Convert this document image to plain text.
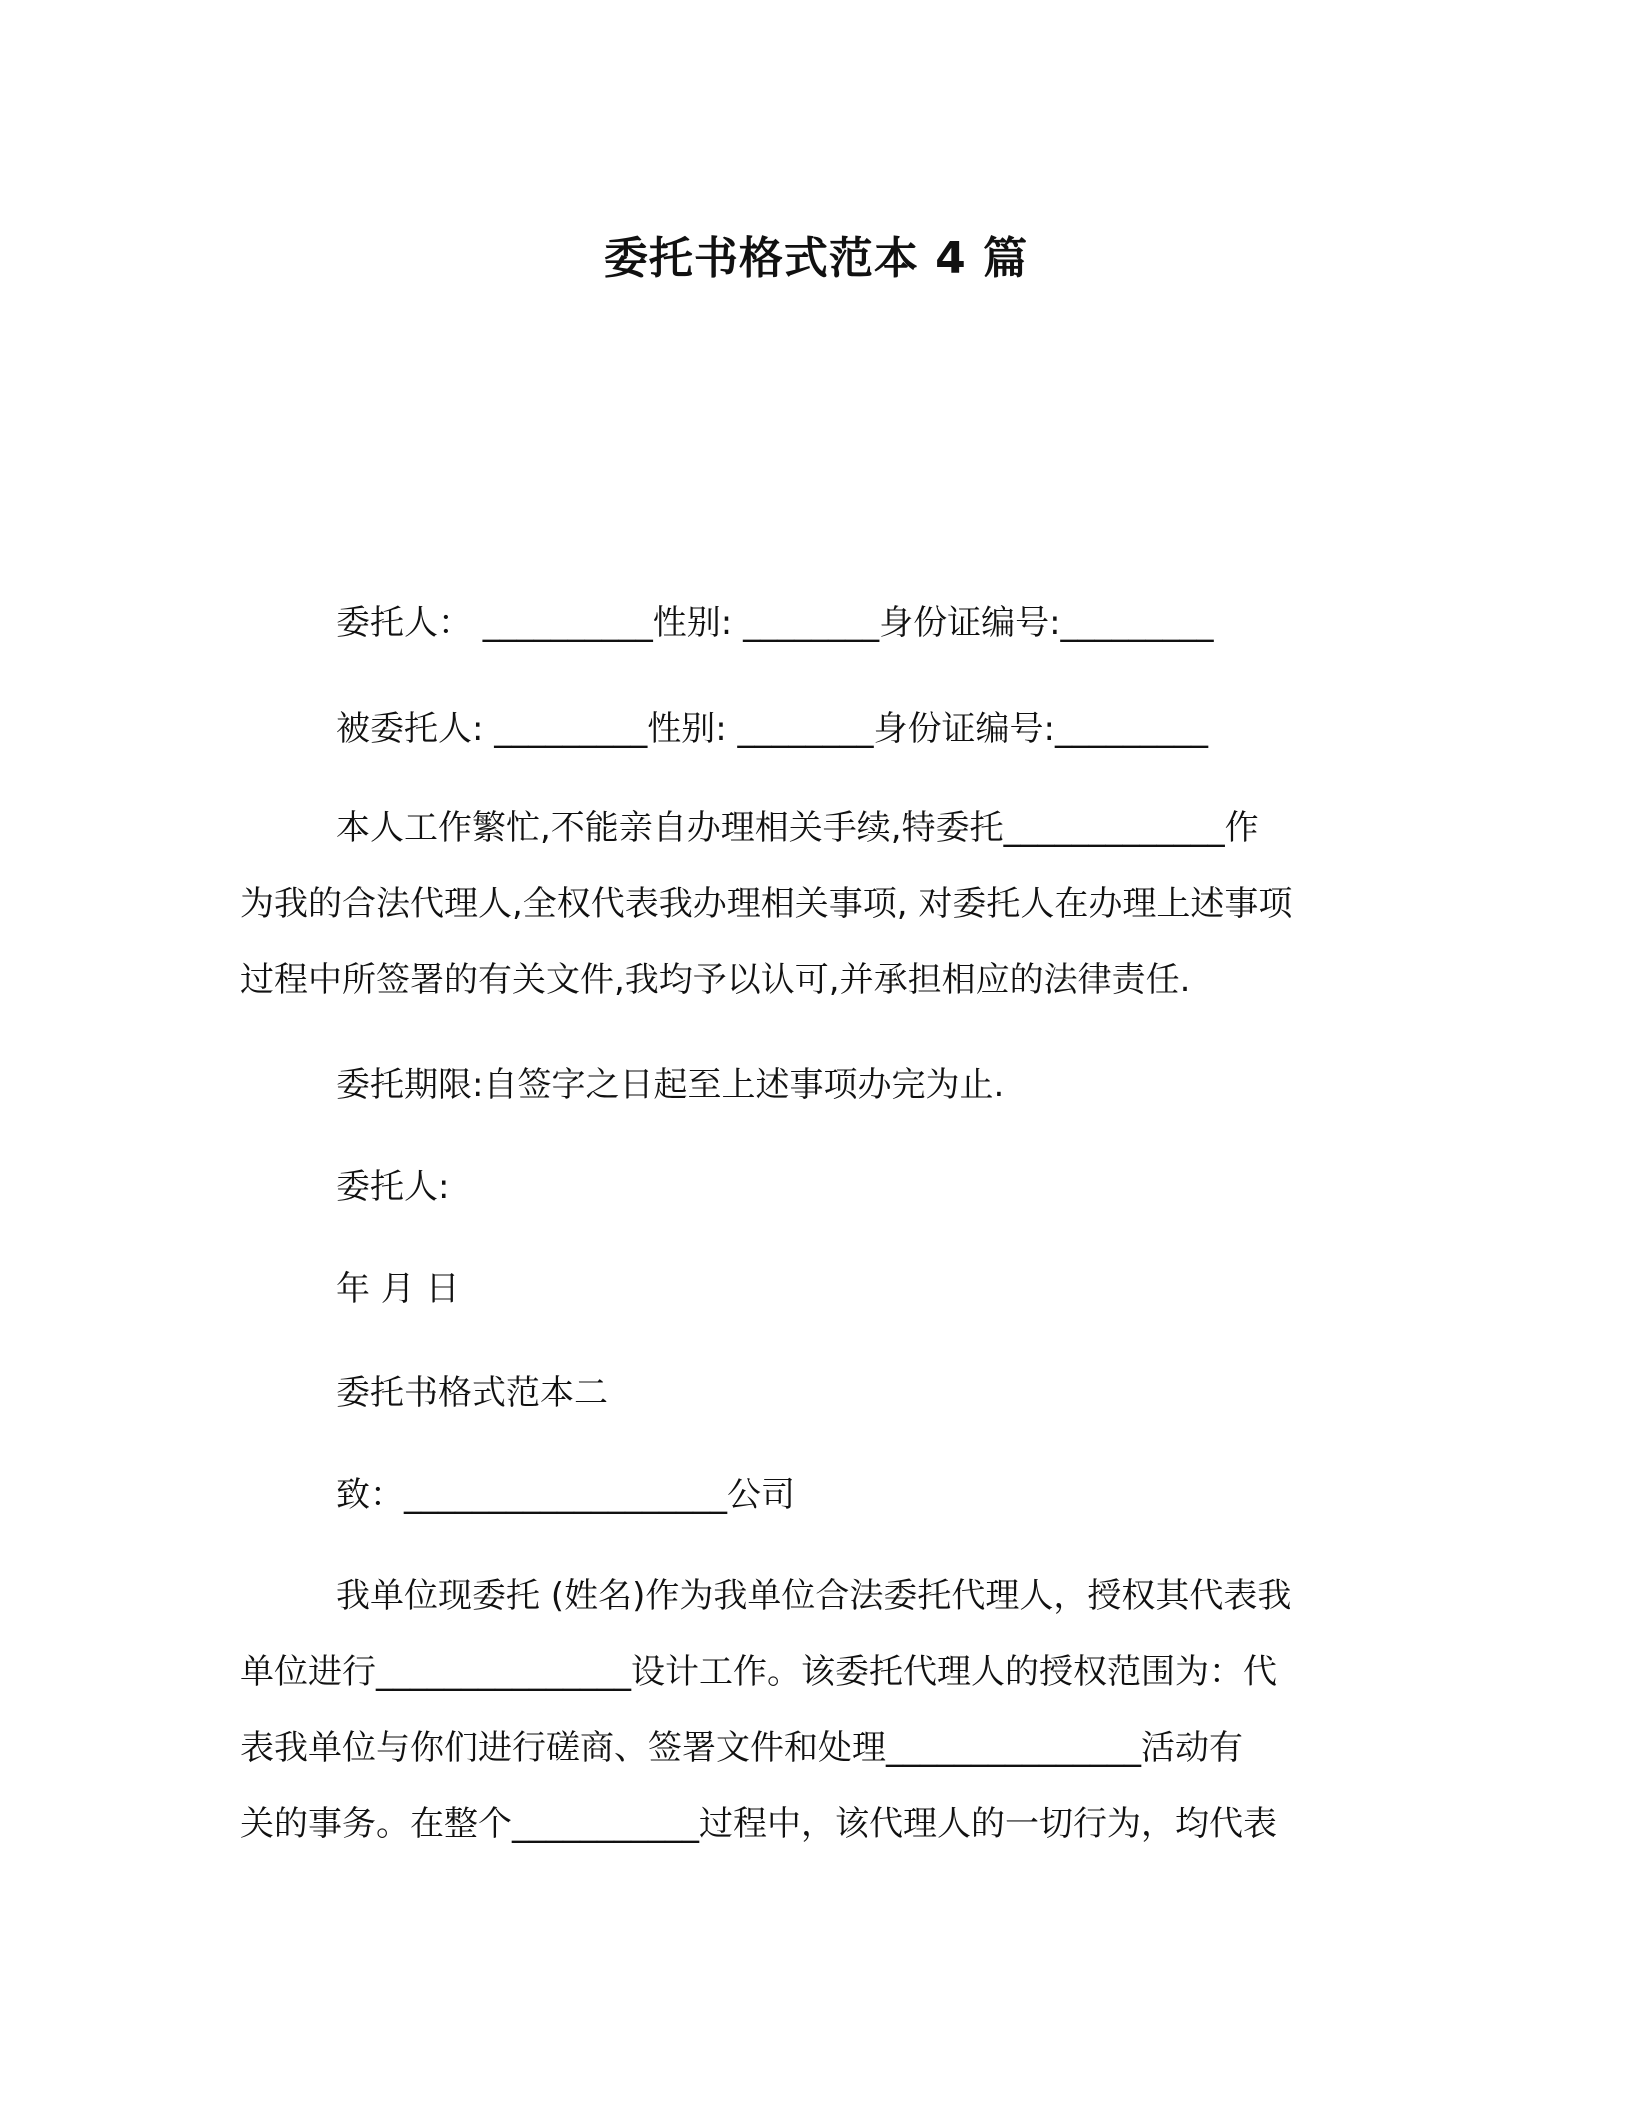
委托书格式范本 4 篇
委托人： __________性别: ________身份证编号:_________
被委托人: _________性别: ________身份证编号:_________
本人工作繁忙,不能亲自办理相关手续,特委托_____________作
为我的合法代理人,全权代表我办理相关事项, 对委托人在办理上述事项
过程中所签署的有关文件,我均予以认可,并承担相应的法律责任.
委托期限:自签字之日起至上述事项办完为止.
委托人:
年 月 日
委托书格式范本二
致：___________________公司
我单位现委托 (姓名)作为我单位合法委托代理人，授权其代表我
单位进行_______________设计工作。该委托代理人的授权范围为：代
表我单位与你们进行磋商、签署文件和处理_______________活动有
关的事务。在整个___________过程中，该代理人的一切行为，均代表
